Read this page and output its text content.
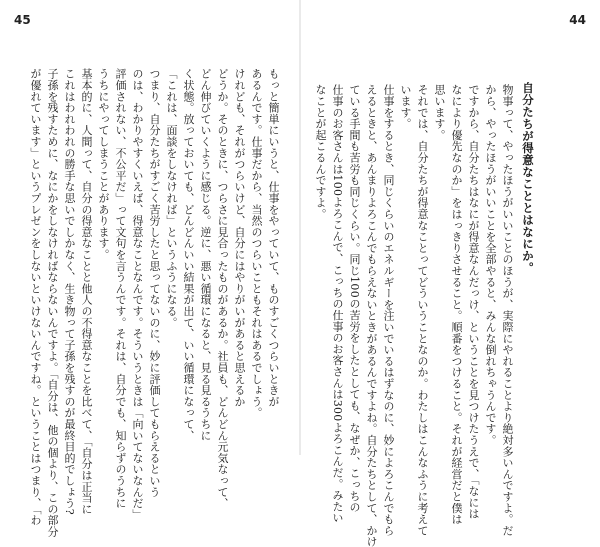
45	44
自分たちが得意なこととはなにか。

物事って、やったほうがいいことのほうが、実際にやれることより絶対多いんですよ。だ

から、やったほうがいいことを全部やると、みんな倒れちゃうんです。

ですから、自分たちはなにが得意なんだっけ、ということを見つけたうえで、「なには

なにより優先なのか」をはっきりさせること。順番をつけること。それが経営だと僕は

思います。

それでは、自分たちが得意なことってどういうことなのか。わたしはこんなふうに考えて

います。

仕事をするとき、同じくらいのエネルギーを注いでいるはずなのに、妙によろこんでもら

えるときと、あんまりよろこんでもらえないときがあるんですよね。自分たちとして、かけ

ている手間も苦労も同じくらい。同じ100の苦労をしたとしても、なぜか、こっちの

仕事のお客さんは100よろこんで、こっちの仕事のお客さんは300よろこんだ。みたい

なことが起こるんですよ。

もっと簡単にいうと、仕事をやっていて、ものすごくつらいときが

あるんです。仕事だから、当然のつらいこともそれはあるでしょう。

けれども、それがつらいけど、自分にはやりがいがあると思えるか

どうか。そのときに、つらさに見合ったものがあるか。社員も、どんどん元気なって、

どん伸びていくように感じる。逆に、悪い循環になると、見る見るうちに

く状態。放っておいても、どんどんいい結果が出て、いい循環になって、

「これは、面談をしなければ」というふうになる。

つまり、自分たちがすごく苦労したと思ってないのに、妙に評価してもらえるという

のは、わかりやすくいえば、得意なことなんです。そういうときは「向いてないなんだ」

評価されない、不公平だ」って文句を言うんです。それは、自分でも、知らずのうちに

うちにやってしまうことがあります。

基本的に、人間って、自分の得意なことと他人の不得意なことを比べて、「自分は正当に

これはわれわれの勝手な思いでしかなく、生き物って子孫を残すのが最終目的でしょう?

子孫を残すために、なにかをしなければならないんですよ。「自分は、他の個より、この部分

が優れています」というプレゼンをしないといけないんですね。ということはつまり、「わ
